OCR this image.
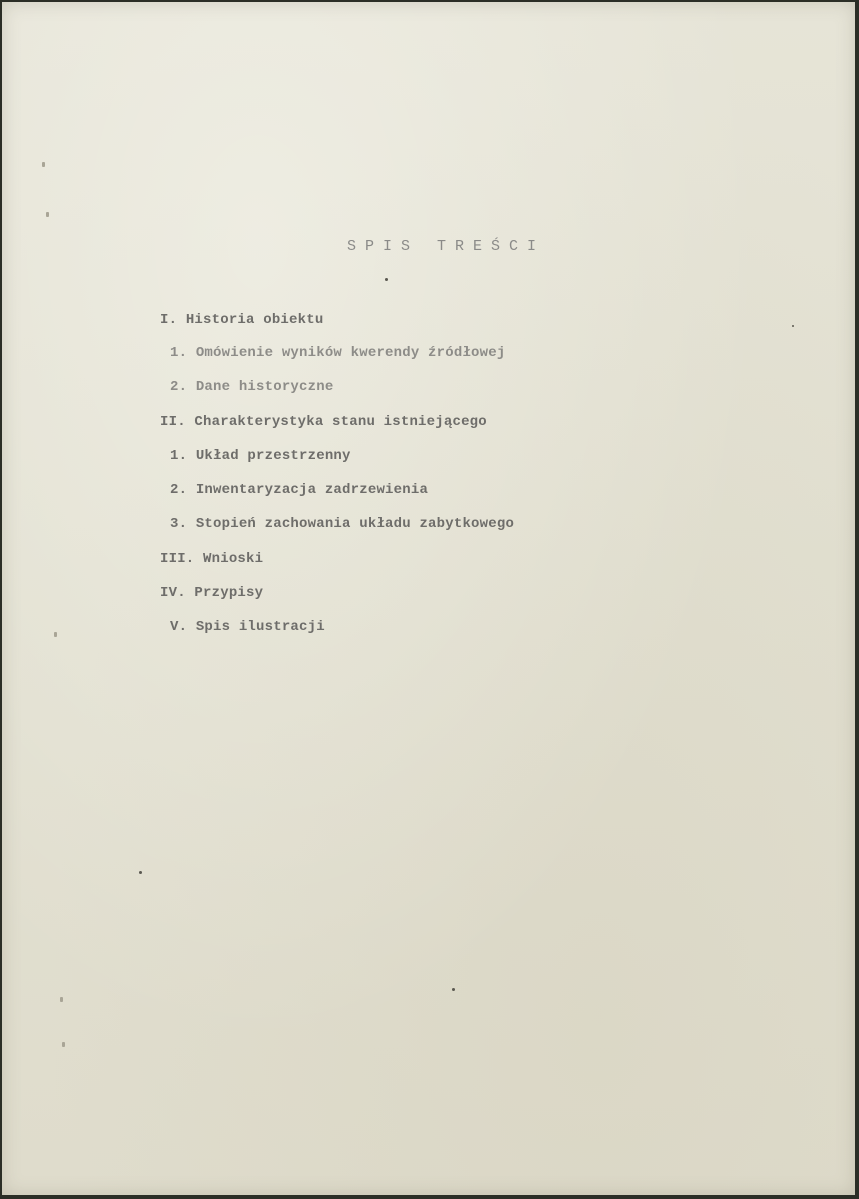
SPIS TREŚCI
I. Historia obiektu
1. Omówienie wyników kwerendy źródłowej
2. Dane historyczne
II. Charakterystyka stanu istniejącego
1. Układ przestrzenny
2. Inwentaryzacja zadrzewienia
3. Stopień zachowania układu zabytkowego
III. Wnioski
IV. Przypisy
V. Spis ilustracji
